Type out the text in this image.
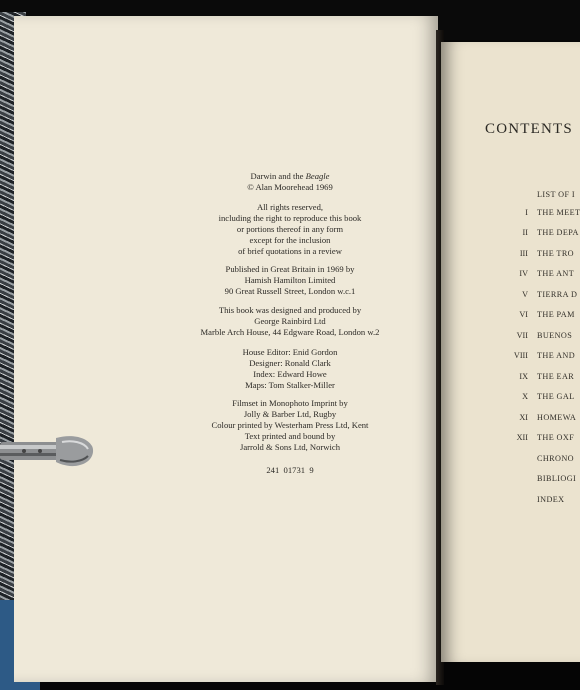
Darwin and the Beagle
© Alan Moorehead 1969
All rights reserved,
including the right to reproduce this book
or portions thereof in any form
except for the inclusion
of brief quotations in a review
Published in Great Britain in 1969 by
Hamish Hamilton Limited
90 Great Russell Street, London w.c.1
This book was designed and produced by
George Rainbird Ltd
Marble Arch House, 44 Edgware Road, London w.2
House Editor: Enid Gordon
Designer: Ronald Clark
Index: Edward Howe
Maps: Tom Stalker-Miller
Filmset in Monophoto Imprint by
Jolly & Barber Ltd, Rugby
Colour printed by Westerham Press Ltd, Kent
Text printed and bound by
Jarrold & Sons Ltd, Norwich
241  01731  9
CONTENTS
LIST OF I
I THE MEET
II THE DEPA
III THE TRO
IV THE ANT
V TIERRA D
VI THE PAM
VII BUENOS
VIII THE AND
IX THE EAR
X THE GAL
XI HOMEWA
XII THE OXF
CHRONO
BIBLIOGI
INDEX
